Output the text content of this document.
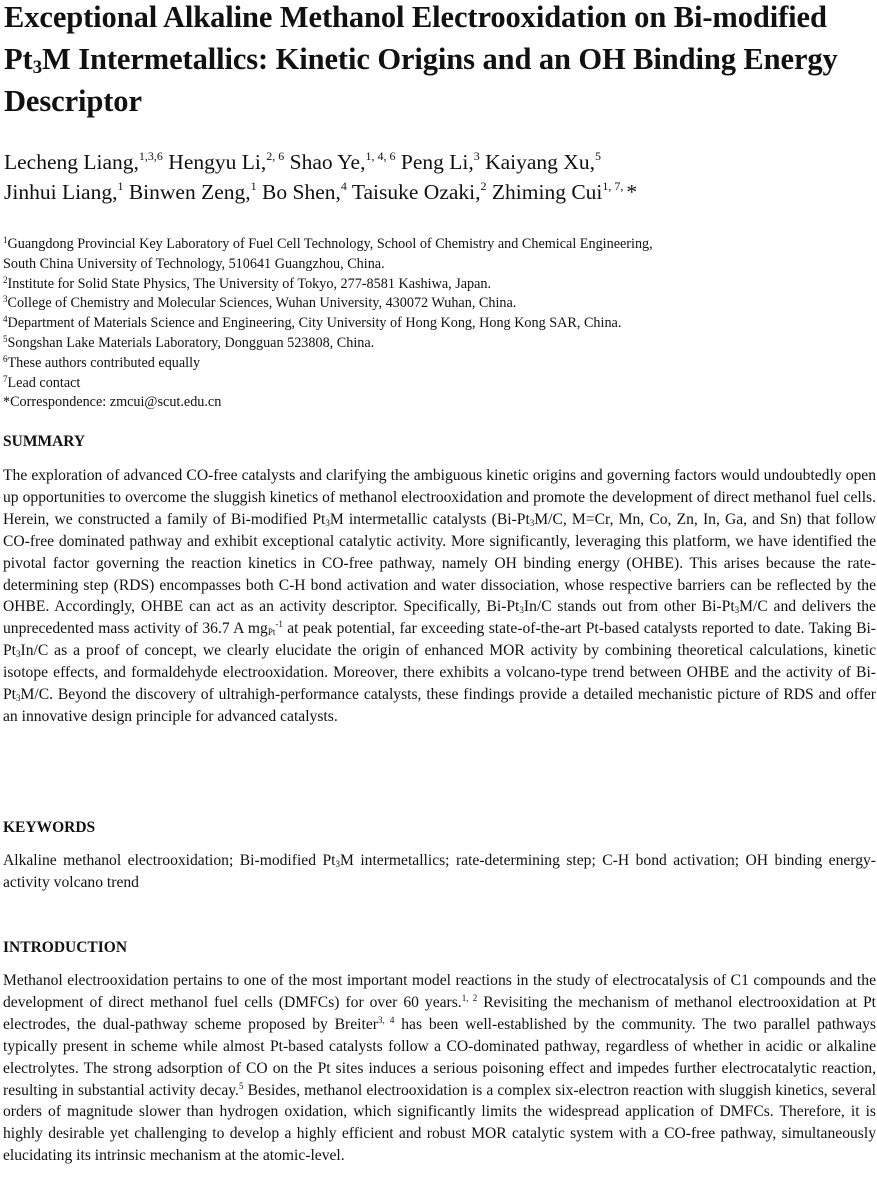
Exceptional Alkaline Methanol Electrooxidation on Bi-modified Pt3M Intermetallics: Kinetic Origins and an OH Binding Energy Descriptor

Lecheng Liang,$^{1,3,6}$ Hengyu Li,$^{2, 6}$ Shao Ye,$^{1, 4, 6}$ Peng Li,$^3$ Kaiyang Xu,$^5$
Jinhui Liang,$^1$ Binwen Zeng,$^1$ Bo Shen,$^4$ Taisuke Ozaki,$^2$ Zhiming Cui$^{1, 7,}$ *

$^1$Guangdong Provincial Key Laboratory of Fuel Cell Technology, School of Chemistry and Chemical Engineering,
South China University of Technology, 510641 Guangzhou, China.
$^2$Institute for Solid State Physics, The University of Tokyo, 277-8581 Kashiwa, Japan.
$^3$College of Chemistry and Molecular Sciences, Wuhan University, 430072 Wuhan, China.
$^4$Department of Materials Science and Engineering, City University of Hong Kong, Hong Kong SAR, China.
$^5$Songshan Lake Materials Laboratory, Dongguan 523808, China.
$^6$These authors contributed equally
$^7$Lead contact
*Correspondence: zmcui@scut.edu.cn
SUMMARY

The exploration of advanced CO-free catalysts and clarifying the ambiguous kinetic origins and governing factors would undoubtedly open up opportunities to overcome the sluggish kinetics of methanol electrooxidation and promote the development of direct methanol fuel cells. Herein, we constructed a family of Bi-modified $Pt_3M$ intermetallic catalysts ($Bi-Pt_3M/C$, M=Cr, Mn, Co, Zn, In, Ga, and Sn) that follow CO-free dominated pathway and exhibit exceptional catalytic activity. More significantly, leveraging this platform, we have identified the pivotal factor governing the reaction kinetics in CO-free pathway, namely OH binding energy (OHBE). This arises because the rate-determining step (RDS) encompasses both C-H bond activation and water dissociation, whose respective barriers can be reflected by the OHBE. Accordingly, OHBE can act as an activity descriptor. Specifically, $Bi-Pt_3In/C$ stands out from other $Bi-Pt_3M/C$ and delivers the unprecedented mass activity of 36.7 A $mg_{Pt}^{-1}$ at peak potential, far exceeding state-of-the-art Pt-based catalysts reported to date. Taking $Bi-Pt_3In/C$ as a proof of concept, we clearly elucidate the origin of enhanced MOR activity by combining theoretical calculations, kinetic isotope effects, and formaldehyde electrooxidation. Moreover, there exhibits a volcano-type trend between OHBE and the activity of $Bi-Pt_3M/C$. Beyond the discovery of ultrahigh-performance catalysts, these findings provide a detailed mechanistic picture of RDS and offer an innovative design principle for advanced catalysts.

KEYWORDS

Alkaline methanol electrooxidation; Bi-modified $Pt_3M$ intermetallics; rate-determining step; C-H bond activation; OH binding energy-activity volcano trend

INTRODUCTION

Methanol electrooxidation pertains to one of the most important model reactions in the study of electrocatalysis of C1 compounds and the development of direct methanol fuel cells (DMFCs) for over 60 years.$^{1, 2}$ Revisiting the mechanism of methanol electrooxidation at Pt electrodes, the dual-pathway scheme proposed by Breiter$^{3, 4}$ has been well-established by the community. The two parallel pathways typically present in scheme while almost Pt-based catalysts follow a CO-dominated pathway, regardless of whether in acidic or alkaline electrolytes. The strong adsorption of CO on the Pt sites induces a serious poisoning effect and impedes further electrocatalytic reaction, resulting in substantial activity decay.$^5$ Besides, methanol electrooxidation is a complex six-electron reaction with sluggish kinetics, several orders of magnitude slower than hydrogen oxidation, which significantly limits the widespread application of DMFCs. Therefore, it is highly desirable yet challenging to develop a highly efficient and robust MOR catalytic system with a CO-free pathway, simultaneously elucidating its intrinsic mechanism at the atomic-level.
